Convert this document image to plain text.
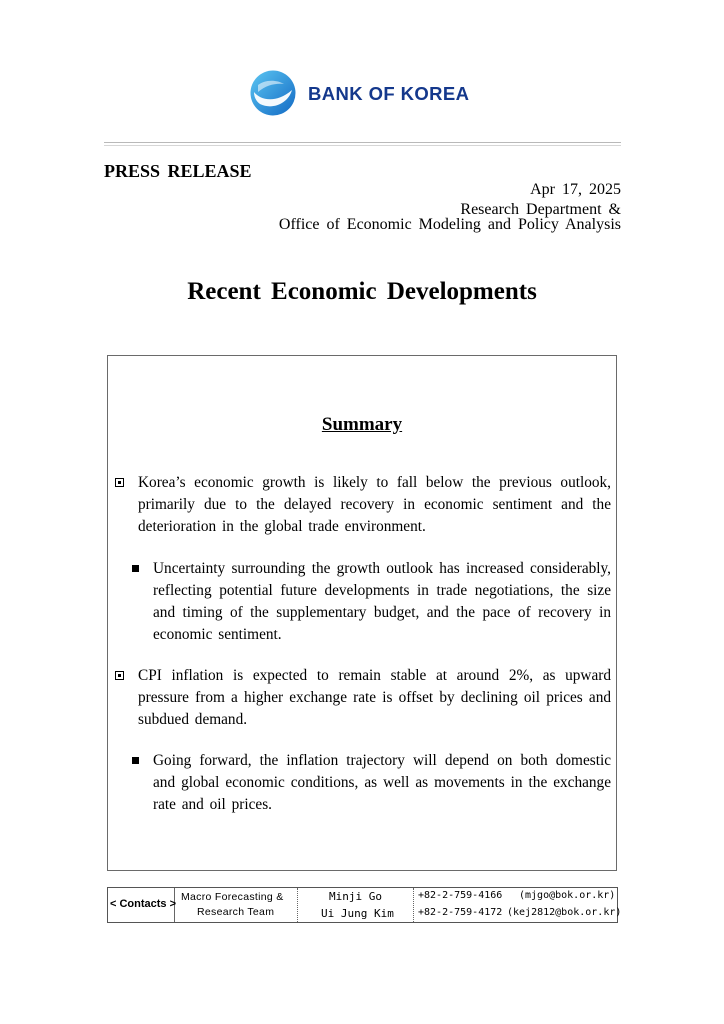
BANK OF KOREA
PRESS RELEASE
Apr 17, 2025
Research Department &
Office of Economic Modeling and Policy Analysis
Recent Economic Developments
Summary
Korea’s economic growth is likely to fall below the previous outlook, primarily due to the delayed recovery in economic sentiment and the deterioration in the global trade environment.
Uncertainty surrounding the growth outlook has increased considerably, reflecting potential future developments in trade negotiations, the size and timing of the supplementary budget, and the pace of recovery in economic sentiment.
CPI inflation is expected to remain stable at around 2%, as upward pressure from a higher exchange rate is offset by declining oil prices and subdued demand.
Going forward, the inflation trajectory will depend on both domestic and global economic conditions, as well as movements in the exchange rate and oil prices.
< Contacts >
Macro Forecasting &
Research Team
Minji Go
Ui Jung Kim
+82-2-759-4166
+82-2-759-4172
(mjgo@bok.or.kr)
(kej2812@bok.or.kr)
